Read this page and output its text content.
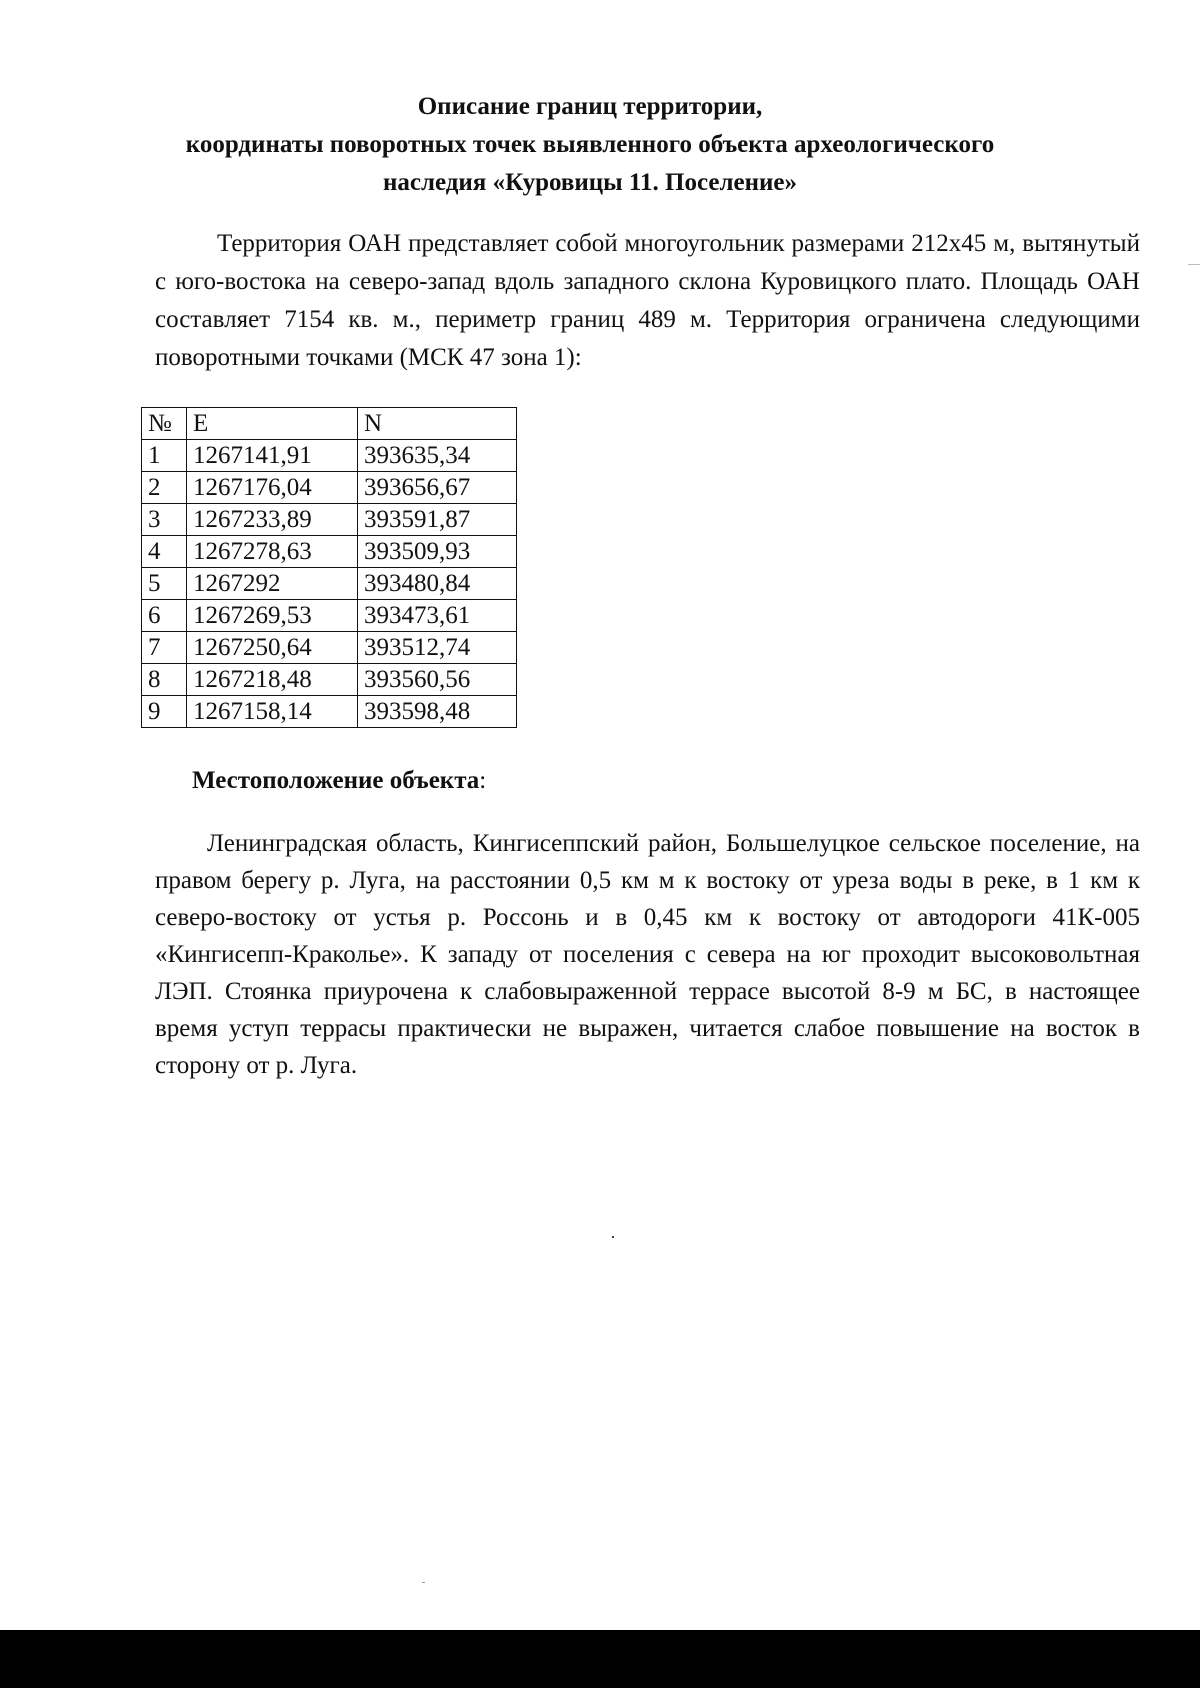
Описание границ территории,
координаты поворотных точек выявленного объекта археологического
наследия «Куровицы 11. Поселение»

Территория ОАН представляет собой многоугольник размерами 212х45 м, вытянутый с юго-востока на северо-запад вдоль западного склона Куровицкого плато. Площадь ОАН составляет 7154 кв. м., периметр границ 489 м. Территория ограничена следующими поворотными точками (МСК 47 зона 1):

№	E	N
1	1267141,91	393635,34
2	1267176,04	393656,67
3	1267233,89	393591,87
4	1267278,63	393509,93
5	1267292	393480,84
6	1267269,53	393473,61
7	1267250,64	393512,74
8	1267218,48	393560,56
9	1267158,14	393598,48

Местоположение объекта:

Ленинградская область, Кингисеппский район, Большелуцкое сельское поселение, на правом берегу р. Луга, на расстоянии 0,5 км м к востоку от уреза воды в реке, в 1 км к северо-востоку от устья р. Россонь и в 0,45 км к востоку от автодороги 41К-005 «Кингисепп-Краколье». К западу от поселения с севера на юг проходит высоковольтная ЛЭП. Стоянка приурочена к слабовыраженной террасе высотой 8-9 м БС, в настоящее время уступ террасы практически не выражен, читается слабое повышение на восток в сторону от р. Луга.
